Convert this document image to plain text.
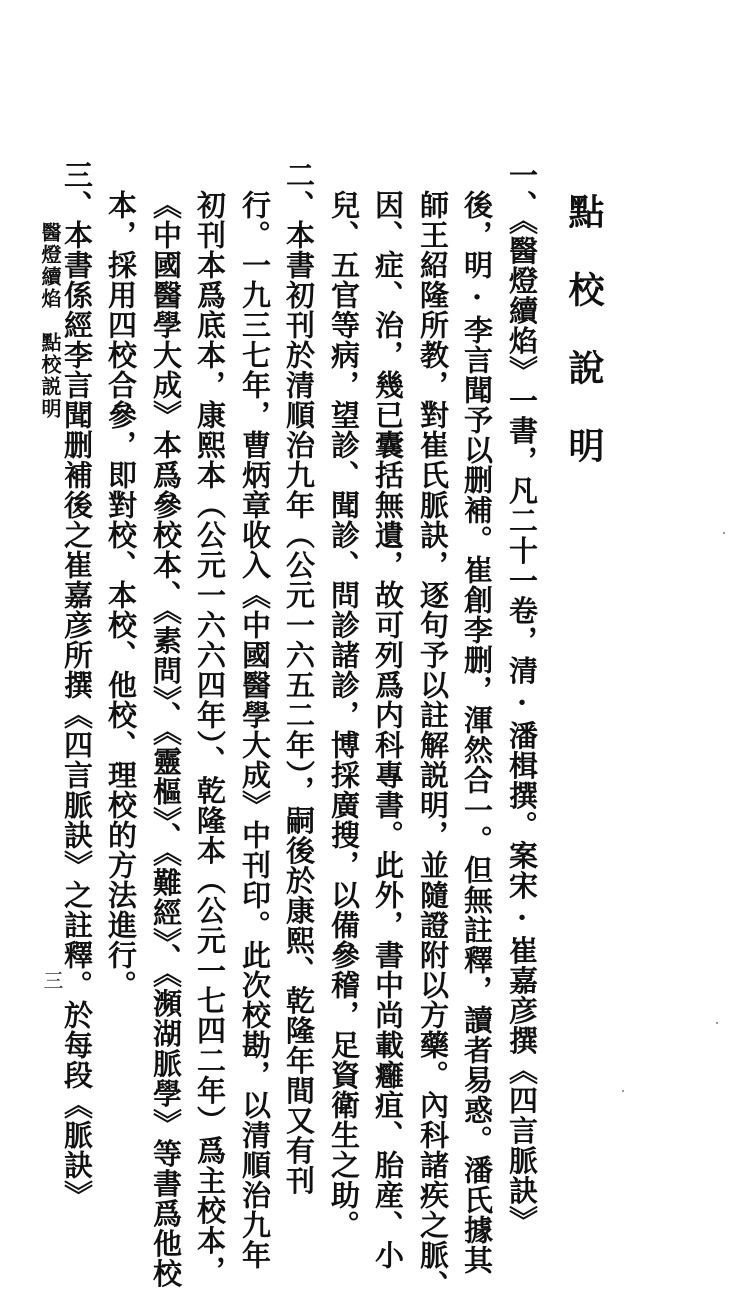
點校說明
一、《醫燈續焰》一書，凡二十一卷，清·潘楫撰。案宋·崔嘉彦撰《四言脈訣》
後，明·李言聞予以删補。崔創李删，渾然合一。但無註釋，讀者易惑。潘氏據其
師王紹隆所教，對崔氏脈訣，逐句予以註解説明，並隨證附以方藥。內科諸疾之脈、
因、症、治，幾已囊括無遺，故可列爲内科專書。此外，書中尚載癰疽、胎産、小
兒、五官等病，望診、聞診、問診諸診，博採廣搜，以備參稽，足資衛生之助。
二、本書初刊於清順治九年（公元一六五二年），嗣後於康熙、乾隆年間又有刊
行。一九三七年，曹炳章收入《中國醫學大成》中刊印。此次校勘，以清順治九年
初刊本爲底本，康熙本（公元一六六四年）、乾隆本（公元一七四二年）爲主校本，
《中國醫學大成》本爲參校本、《素問》、《靈樞》、《難經》、《瀕湖脈學》等書爲他校
本，採用四校合參，即對校、本校、他校、理校的方法進行。
三、本書係經李言聞删補後之崔嘉彦所撰《四言脈訣》之註釋。於每段《脈訣》
醫燈續焰點校説明
三
